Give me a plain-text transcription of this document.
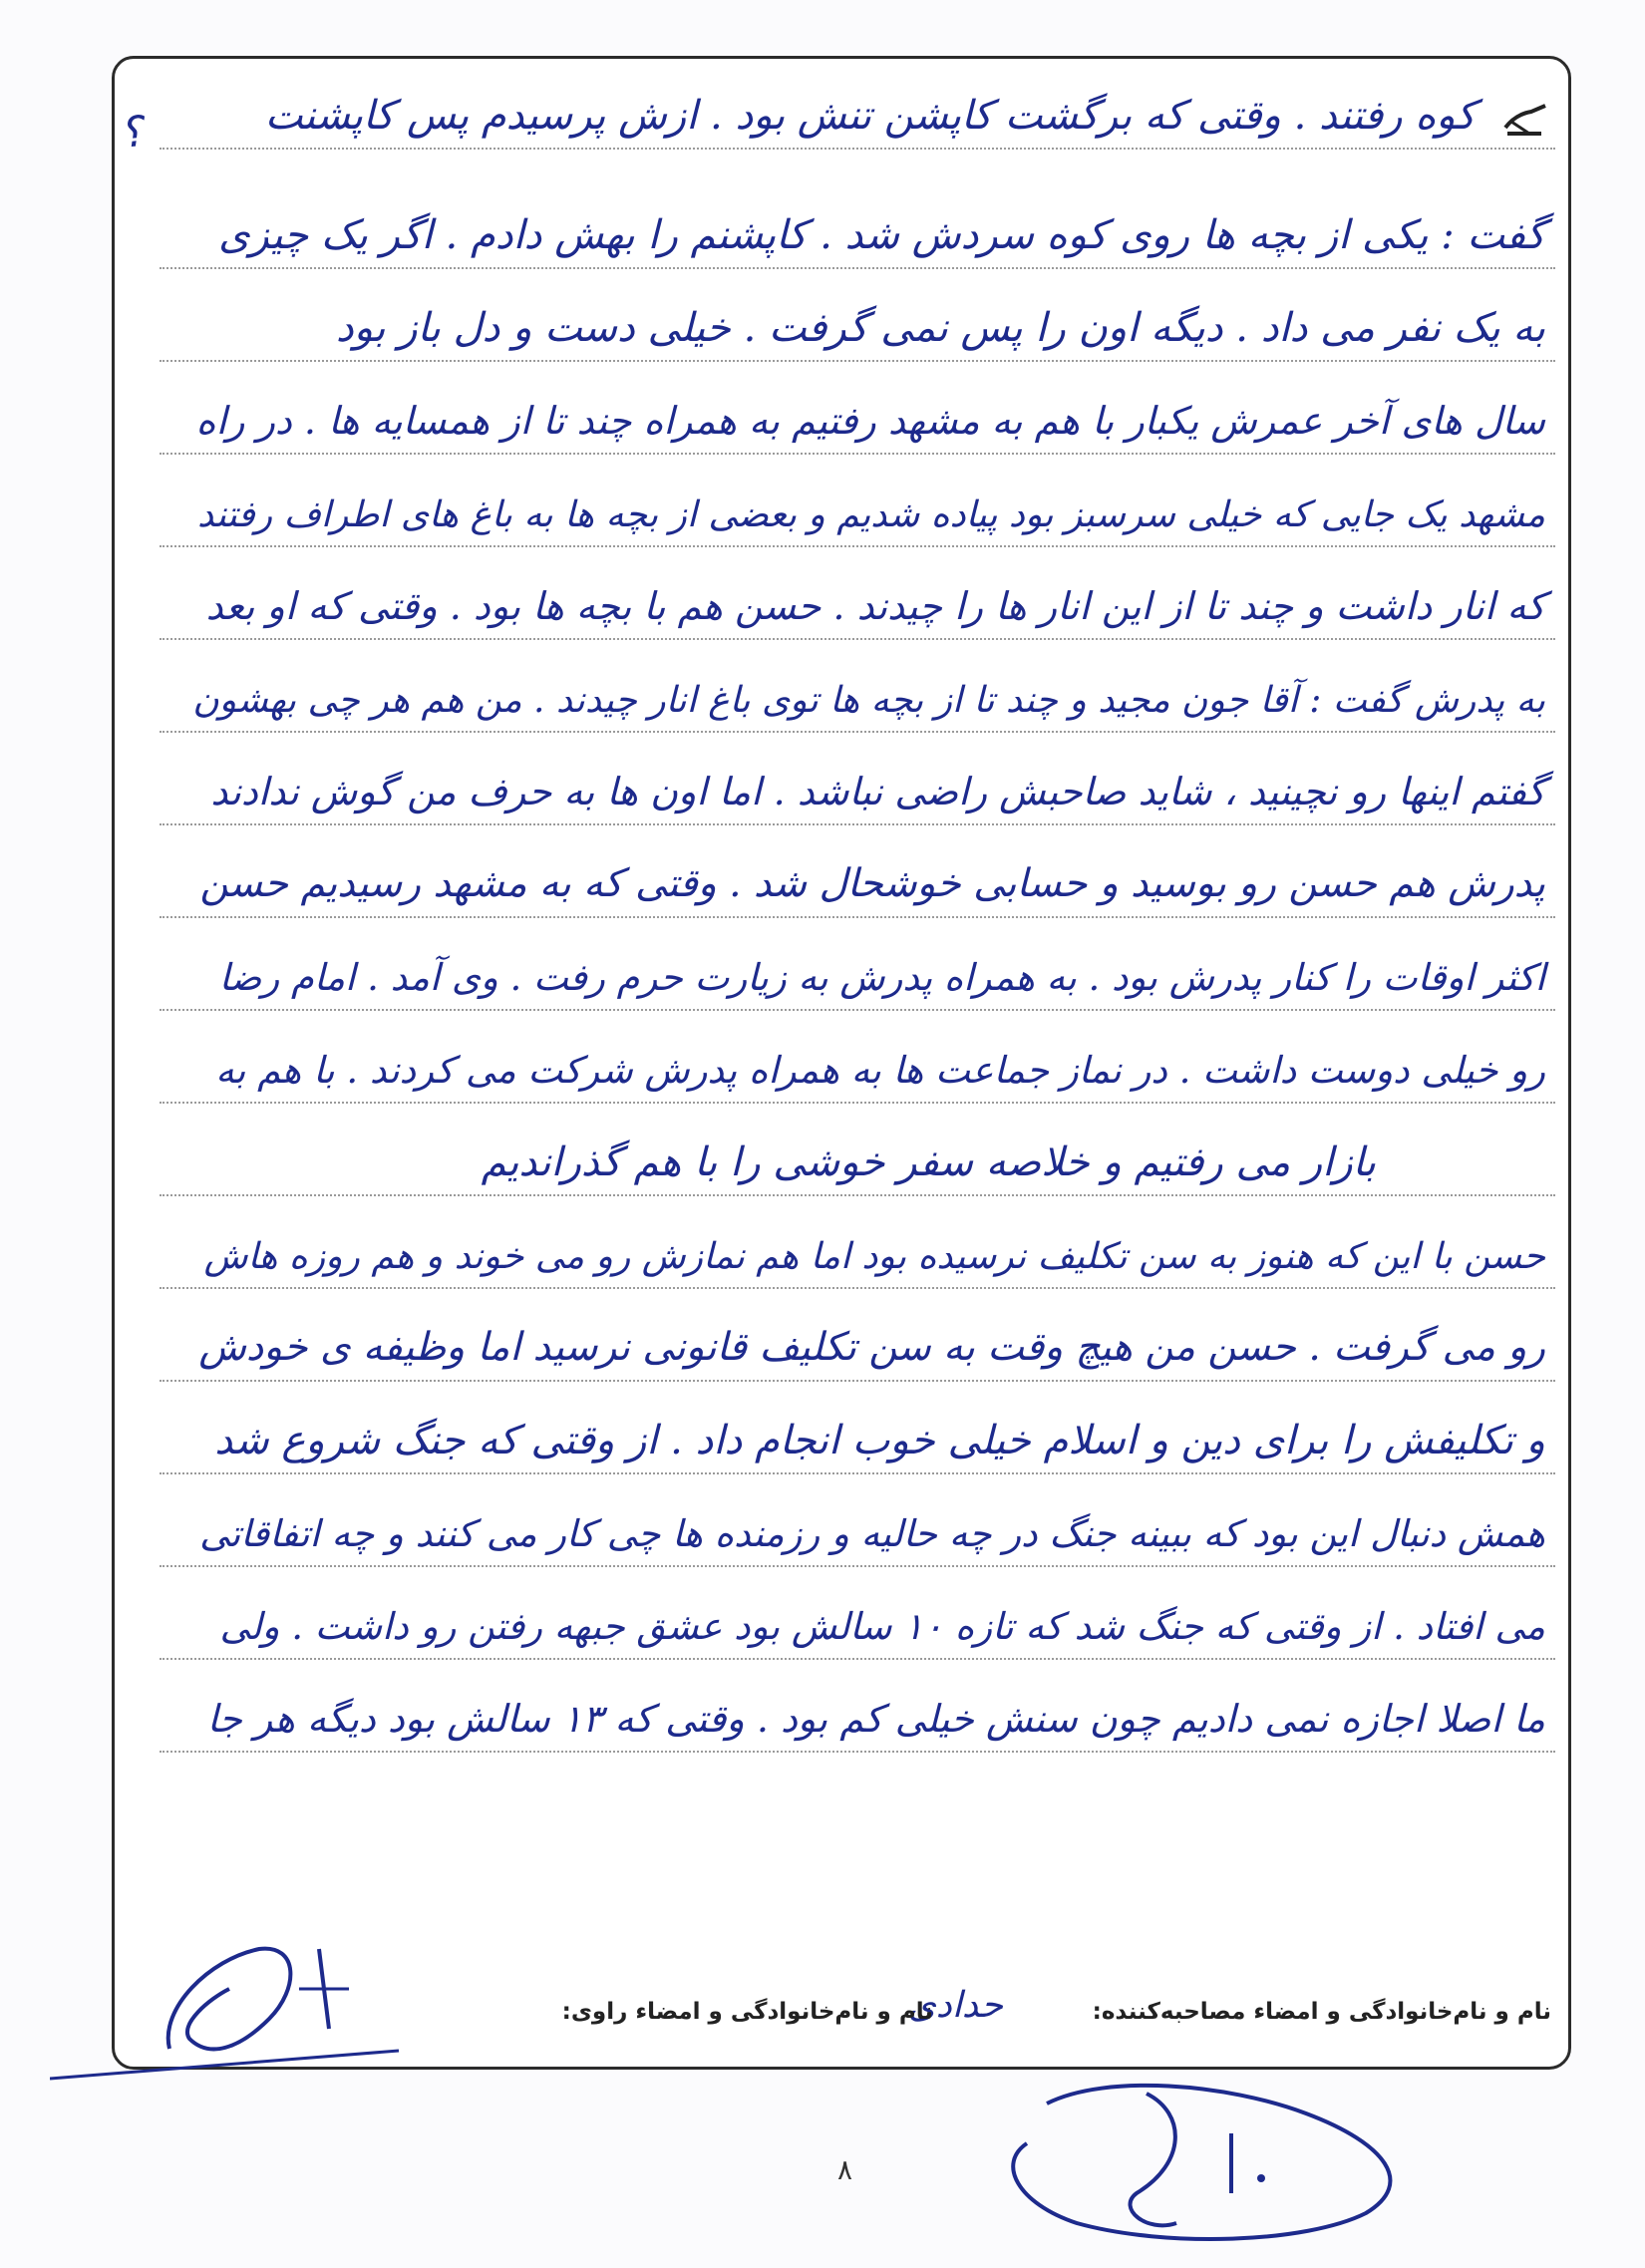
؟	کوه رفتند . وقتی که برگشت کاپشن تنش بود . ازش پرسیدم پس کاپشنت
گفت : یکی از بچه ها روی کوه سردش شد . کاپشنم را بهش دادم . اگر یک چیزی
به یک نفر می داد . دیگه اون را پس نمی گرفت . خیلی دست و دل باز بود
سال های آخر عمرش یکبار با هم به مشهد رفتیم به همراه چند تا از همسایه ها . در راه
مشهد یک جایی که خیلی سرسبز بود پیاده شدیم و بعضی از بچه ها به باغ های اطراف رفتند
که انار داشت و چند تا از این انار ها را چیدند . حسن هم با بچه ها بود . وقتی که او بعد
به پدرش گفت : آقا جون مجید و چند تا از بچه ها توی باغ انار چیدند . من هم هر چی بهشون
گفتم اینها رو نچینید ، شاید صاحبش راضی نباشد . اما اون ها به حرف من گوش ندادند
پدرش هم حسن رو بوسید و حسابی خوشحال شد . وقتی که به مشهد رسیدیم حسن
اکثر اوقات را کنار پدرش بود . به همراه پدرش به زیارت حرم رفت . وی آمد . امام رضا
رو خیلی دوست داشت . در نماز جماعت ها به همراه پدرش شرکت می کردند . با هم به
بازار می رفتیم و خلاصه سفر خوشی را با هم گذراندیم
حسن با این که هنوز به سن تکلیف نرسیده بود اما هم نمازش رو می خوند و هم روزه هاش
رو می گرفت . حسن من هیچ وقت به سن تکلیف قانونی نرسید اما وظیفه ی خودش
و تکلیفش را برای دین و اسلام خیلی خوب انجام داد . از وقتی که جنگ شروع شد
همش دنبال این بود که ببینه جنگ در چه حالیه و رزمنده ها چی کار می کنند و چه اتفاقاتی
می افتاد . از وقتی که جنگ شد که تازه ۱۰ سالش بود عشق جبهه رفتن رو داشت . ولی
ما اصلا اجازه نمی دادیم چون سنش خیلی کم بود . وقتی که ۱۳ سالش بود دیگه هر جا
نام و نام‌خانوادگی و امضاء مصاحبه‌کننده:
حدادی
نام و نام‌خانوادگی و امضاء راوی:
۸
